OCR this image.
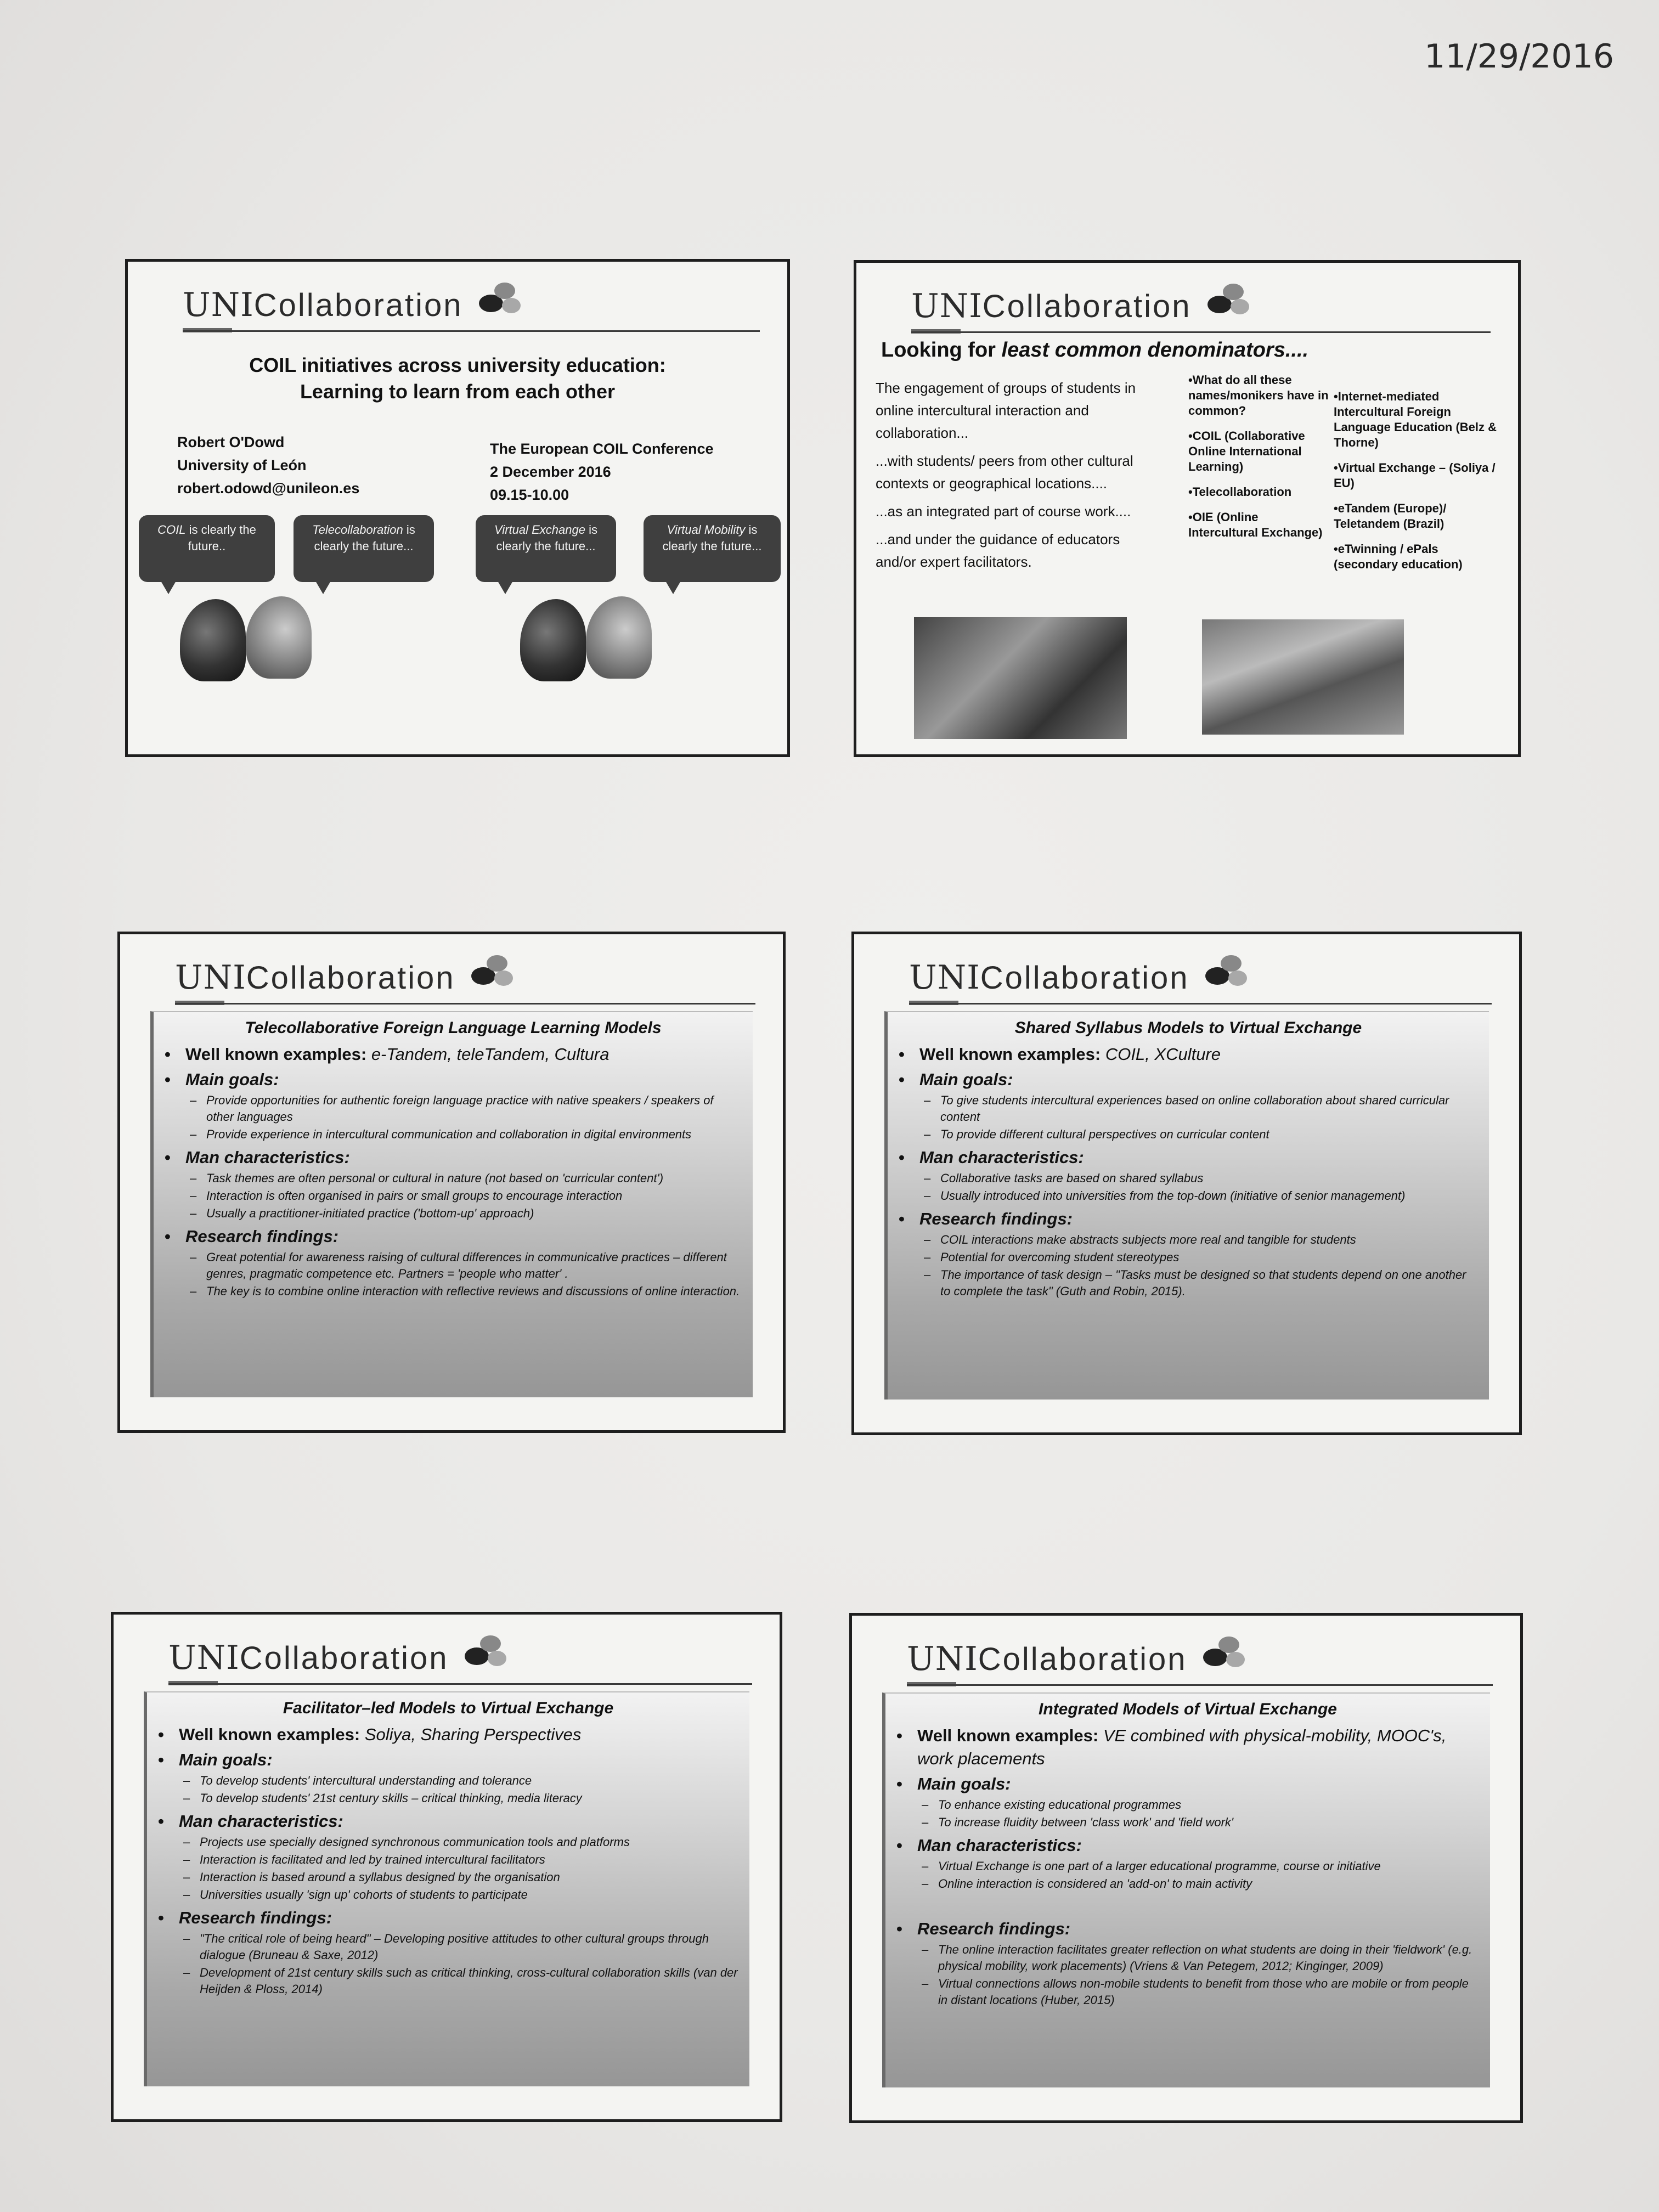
11/29/2016
UNICollaboration
COIL initiatives across university education:
Learning to learn from each other
Robert O'Dowd
University of León
robert.odowd@unileon.es
The European COIL Conference
2 December 2016
09.15-10.00
COIL is clearly the future..
Telecollaboration is clearly the future...
Virtual Exchange is clearly the future...
Virtual Mobility is clearly the future...
UNICollaboration
Looking for least common denominators....

The engagement of groups of students in online intercultural interaction and collaboration...

...with students/ peers from other cultural contexts or geographical locations....

...as an integrated part of course work....

...and under the guidance of educators and/or expert facilitators.

•What do all these names/monikers have in common?

•COIL (Collaborative Online International Learning)

•Telecollaboration

•OIE (Online Intercultural Exchange)

•Internet-mediated Intercultural Foreign Language Education (Belz & Thorne)

•Virtual Exchange – (Soliya / EU)

•eTandem (Europe)/ Teletandem (Brazil)

•eTwinning / ePals (secondary education)

UNICollaboration
Telecollaborative Foreign Language Learning Models
• Well known examples: e-Tandem, teleTandem, Cultura
• Main goals:
– Provide opportunities for authentic foreign language practice with native speakers / speakers of other languages
– Provide experience in intercultural communication and collaboration in digital environments
• Man characteristics:
– Task themes are often personal or cultural in nature (not based on 'curricular content')
– Interaction is often organised in pairs or small groups to encourage interaction
– Usually a practitioner-initiated practice ('bottom-up' approach)
• Research findings:
– Great potential for awareness raising of cultural differences in communicative practices – different genres, pragmatic competence etc. Partners = 'people who matter' .
– The key is to combine online interaction with reflective reviews and discussions of online interaction.
UNICollaboration
Shared Syllabus Models to Virtual Exchange
• Well known examples: COIL, XCulture
• Main goals:
– To give students intercultural experiences based on online collaboration about shared curricular content
– To provide different cultural perspectives on curricular content
• Man characteristics:
– Collaborative tasks are based on shared syllabus
– Usually introduced into universities from the top-down (initiative of senior management)
• Research findings:
– COIL interactions make abstracts subjects more real and tangible for students
– Potential for overcoming student stereotypes
– The importance of task design – "Tasks must be designed so that students depend on one another to complete the task" (Guth and Robin, 2015).
UNICollaboration
Facilitator–led Models to Virtual Exchange
• Well known examples: Soliya, Sharing Perspectives
• Main goals:
– To develop students' intercultural understanding and tolerance
– To develop students' 21st century skills – critical thinking, media literacy
• Man characteristics:
– Projects use specially designed synchronous communication tools and platforms
– Interaction is facilitated and led by trained intercultural facilitators
– Interaction is based around a syllabus designed by the organisation
– Universities usually 'sign up' cohorts of students to participate
• Research findings:
– "The critical role of being heard" – Developing positive attitudes to other cultural groups through dialogue (Bruneau & Saxe, 2012)
– Development of 21st century skills such as critical thinking, cross-cultural collaboration skills (van der Heijden & Ploss, 2014)
UNICollaboration
Integrated Models of Virtual Exchange
• Well known examples: VE combined with physical-mobility, MOOC's, work placements
• Main goals:
– To enhance existing educational programmes
– To increase fluidity between 'class work' and 'field work'
• Man characteristics:
– Virtual Exchange is one part of a larger educational programme, course or initiative
– Online interaction is considered an 'add-on' to main activity
• Research findings:
– The online interaction facilitates greater reflection on what students are doing in their 'fieldwork' (e.g. physical mobility, work placements) (Vriens & Van Petegem, 2012; Kinginger, 2009)
– Virtual connections allows non-mobile students to benefit from those who are mobile or from people in distant locations (Huber, 2015)
